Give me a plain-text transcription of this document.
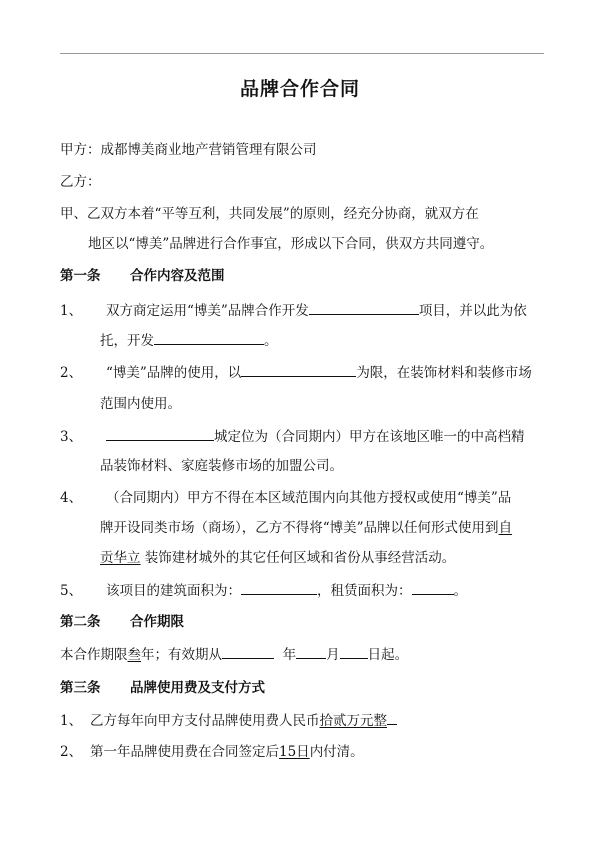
品牌合作合同
甲方：成都博美商业地产营销管理有限公司
乙方：
甲、乙双方本着“平等互利，共同发展”的原则，经充分协商，就双方在
地区以“博美”品牌进行合作事宜，形成以下合同，供双方共同遵守。
第一条 合作内容及范围
1、 双方商定运用“博美”品牌合作开发	项目，并以此为依
托，开发	。
2、 “博美”品牌的使用，以	为限，在装饰材料和装修市场
范围内使用。
3、	城定位为（合同期内）甲方在该地区唯一的中高档精
品装饰材料、家庭装修市场的加盟公司。
4、 （合同期内）甲方不得在本区域范围内向其他方授权或使用“博美”品
牌开设同类市场（商场），乙方不得将“博美”品牌以任何形式使用到自
贡华立 装饰建材城外的其它任何区域和省份从事经营活动。
5、 该项目的建筑面积为：	，租赁面积为：	。
第二条 合作期限
本合作期限叁年；有效期从	年 月 日起。
第三条 品牌使用费及支付方式
1、 乙方每年向甲方支付品牌使用费人民币拾贰万元整
2、 第一年品牌使用费在合同签定后15日内付清。
